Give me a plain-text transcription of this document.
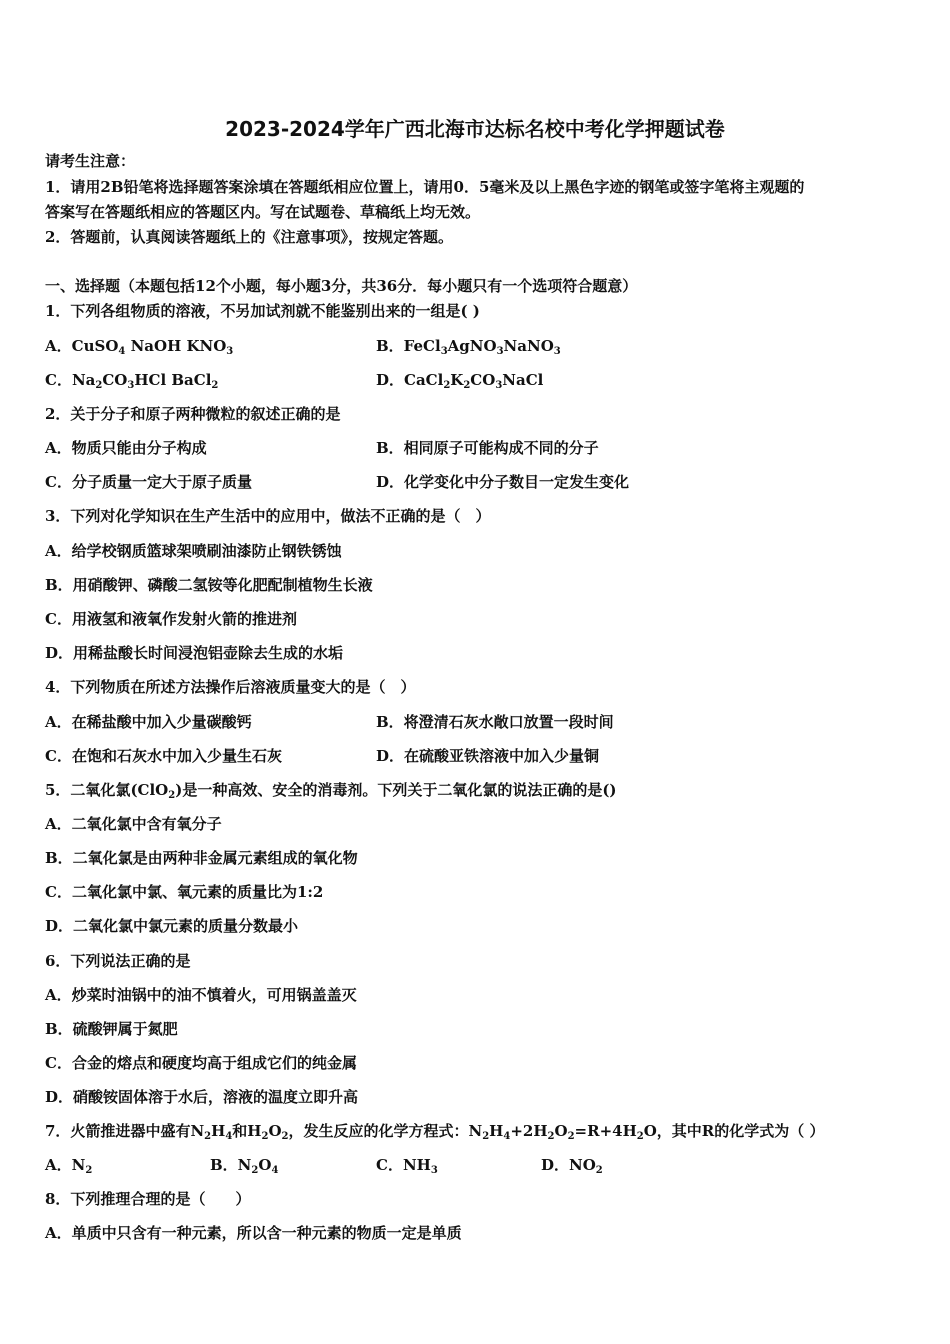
2023-2024学年广西北海市达标名校中考化学押题试卷
请考生注意：
1．请用2B铅笔将选择题答案涂填在答题纸相应位置上，请用0．5毫米及以上黑色字迹的钢笔或签字笔将主观题的
答案写在答题纸相应的答题区内。写在试题卷、草稿纸上均无效。
2．答题前，认真阅读答题纸上的《注意事项》，按规定答题。
一、选择题（本题包括12个小题，每小题3分，共36分．每小题只有一个选项符合题意）
1．下列各组物质的溶液，不另加试剂就不能鉴别出来的一组是( )
A．CuSO$_4$ NaOH $KNO_3$	B．FeCl$_3$AgNO$_3$NaNO$_3$
C．$Na_2CO_3HCl$ BaCl$_2$	D．$CaCl_2K_2CO_3NaCl$
2．关于分子和原子两种微粒的叙述正确的是
A．物质只能由分子构成	B．相同原子可能构成不同的分子
C．分子质量一定大于原子质量	D．化学变化中分子数目一定发生变化
3．下列对化学知识在生产生活中的应用中，做法不正确的是（　）
A．给学校钢质篮球架喷刷油漆防止钢铁锈蚀
B．用硝酸钾、磷酸二氢铵等化肥配制植物生长液
C．用液氢和液氧作发射火箭的推进剂
D．用稀盐酸长时间浸泡铝壶除去生成的水垢
4．下列物质在所述方法操作后溶液质量变大的是（　）
A．在稀盐酸中加入少量碳酸钙	B．将澄清石灰水敞口放置一段时间
C．在饱和石灰水中加入少量生石灰	D．在硫酸亚铁溶液中加入少量铜
5．二氧化氯(ClO$_2$)是一种高效、安全的消毒剂。下列关于二氧化氯的说法正确的是()
A．二氧化氯中含有氧分子
B．二氧化氯是由两种非金属元素组成的氧化物
C．二氧化氯中氯、氧元素的质量比为1:2
D．二氧化氯中氯元素的质量分数最小
6．下列说法正确的是
A．炒菜时油锅中的油不慎着火，可用锅盖盖灭
B．硫酸钾属于氮肥
C．合金的熔点和硬度均高于组成它们的纯金属
D．硝酸铵固体溶于水后，溶液的温度立即升高
7．火箭推进器中盛有$N_2H_4$和$H_2O_2$，发生反应的化学方程式：$N_2H_4+2H_2O_2=R+4H_2O$，其中R的化学式为（ ）
A．$N_2$	B．$N_2O_4$	C．$NH_3$	D．$NO_2$
8．下列推理合理的是（　　）
A．单质中只含有一种元素，所以含一种元素的物质一定是单质
